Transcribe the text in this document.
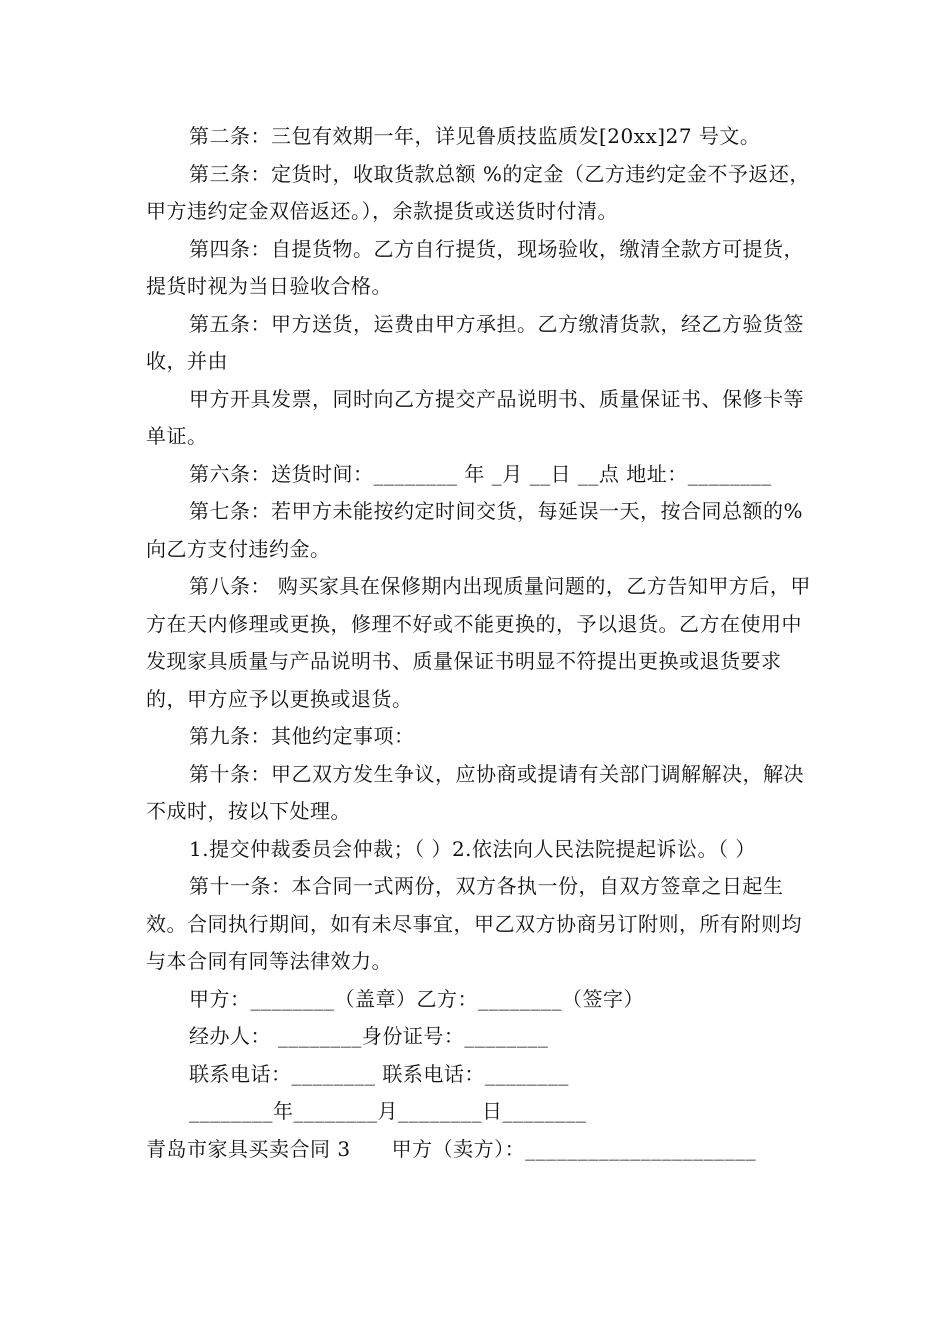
第二条：三包有效期一年，详见鲁质技监质发[20xx]27 号文。

第三条：定货时，收取货款总额 %的定金（乙方违约定金不予返还，甲方违约定金双倍返还。），余款提货或送货时付清。

第四条：自提货物。乙方自行提货，现场验收，缴清全款方可提货，提货时视为当日验收合格。

第五条：甲方送货，运费由甲方承担。乙方缴清货款，经乙方验货签收，并由

甲方开具发票，同时向乙方提交产品说明书、质量保证书、保修卡等单证。

第六条：送货时间：________ 年 _月 __日 __点 地址：________

第七条：若甲方未能按约定时间交货，每延误一天，按合同总额的%向乙方支付违约金。

第八条： 购买家具在保修期内出现质量问题的，乙方告知甲方后，甲方在天内修理或更换，修理不好或不能更换的，予以退货。乙方在使用中发现家具质量与产品说明书、质量保证书明显不符提出更换或退货要求的，甲方应予以更换或退货。

第九条：其他约定事项：

第十条：甲乙双方发生争议，应协商或提请有关部门调解解决，解决不成时，按以下处理。

1.提交仲裁委员会仲裁；（ ）2.依法向人民法院提起诉讼。（ ）

第十一条：本合同一式两份，双方各执一份，自双方签章之日起生效。合同执行期间，如有未尽事宜，甲乙双方协商另订附则，所有附则均与本合同有同等法律效力。

甲方：________（盖章）乙方：________（签字）

经办人： ________身份证号：________

联系电话：________ 联系电话：________

________年________月________日________

青岛市家具买卖合同 3　　甲方（卖方）：______________________
